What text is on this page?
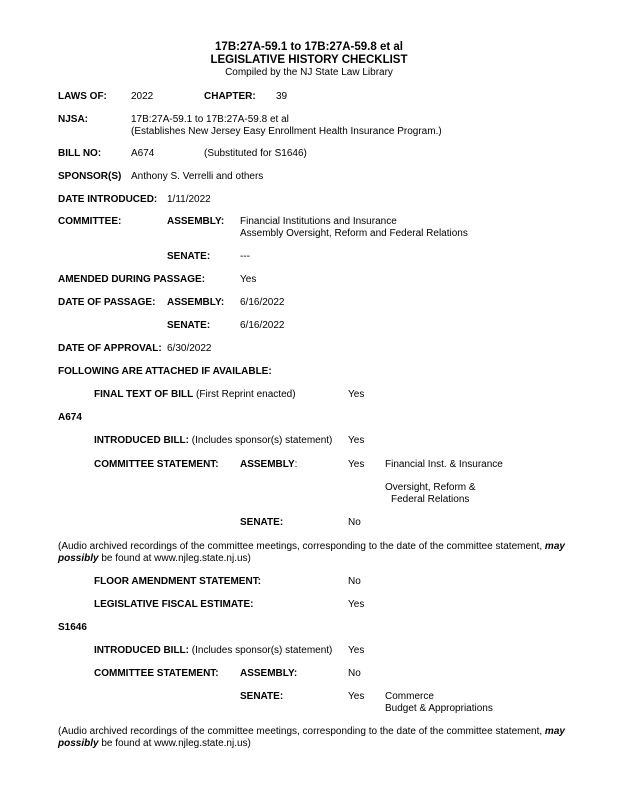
17B:27A-59.1 to 17B:27A-59.8 et al
LEGISLATIVE HISTORY CHECKLIST
Compiled by the NJ State Law Library
LAWS OF: 2022	CHAPTER: 39
NJSA:	17B:27A-59.1 to 17B:27A-59.8 et al
(Establishes New Jersey Easy Enrollment Health Insurance Program.)
BILL NO:	A674	(Substituted for S1646)
SPONSOR(S) Anthony S. Verrelli and others
DATE INTRODUCED: 1/11/2022
COMMITTEE:	ASSEMBLY: Financial Institutions and Insurance
Assembly Oversight, Reform and Federal Relations
SENATE:	---
AMENDED DURING PASSAGE:	Yes
DATE OF PASSAGE: ASSEMBLY: 6/16/2022
SENATE:	6/16/2022
DATE OF APPROVAL: 6/30/2022
FOLLOWING ARE ATTACHED IF AVAILABLE:
FINAL TEXT OF BILL (First Reprint enacted)	Yes
A674
INTRODUCED BILL: (Includes sponsor(s) statement) Yes
COMMITTEE STATEMENT: ASSEMBLY:	Yes Financial Inst. & Insurance
Oversight, Reform &
Federal Relations
SENATE:	No
(Audio archived recordings of the committee meetings, corresponding to the date of the committee statement, may possibly be found at www.njleg.state.nj.us)
FLOOR AMENDMENT STATEMENT:	No
LEGISLATIVE FISCAL ESTIMATE:	Yes
S1646
INTRODUCED BILL: (Includes sponsor(s) statement) Yes
COMMITTEE STATEMENT: ASSEMBLY:	No
SENATE:	Yes Commerce
Budget & Appropriations
(Audio archived recordings of the committee meetings, corresponding to the date of the committee statement, may possibly be found at www.njleg.state.nj.us)
